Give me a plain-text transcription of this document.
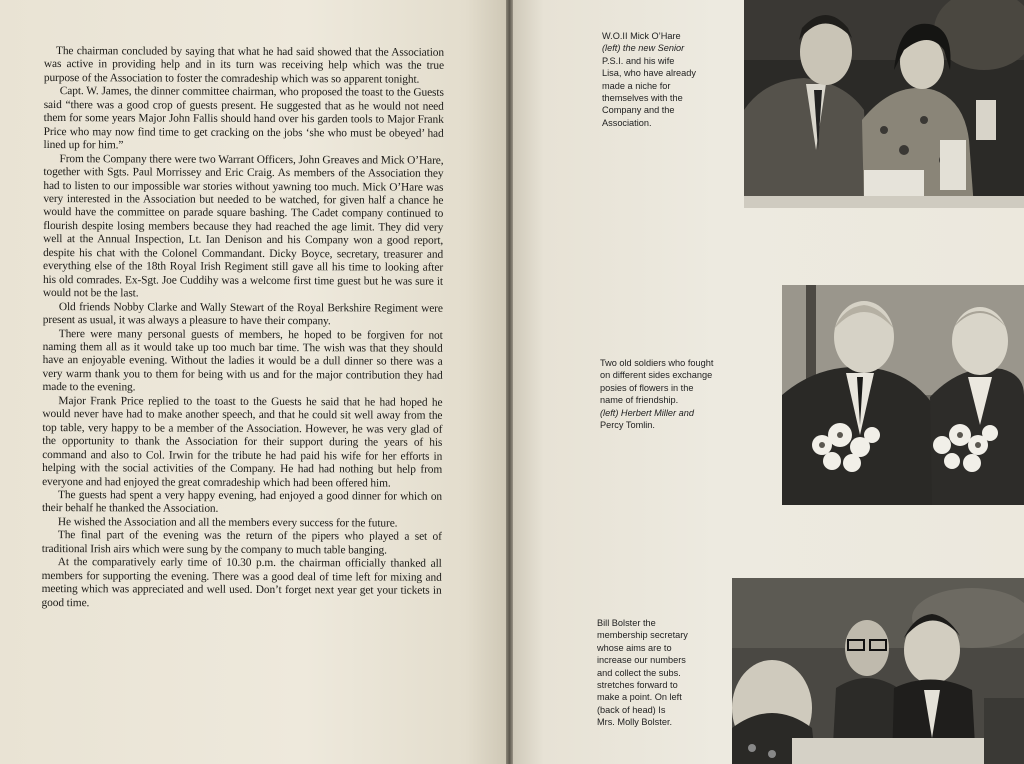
The chairman concluded by saying that what he had said showed that the Association was active in providing help and in its turn was receiving help which was the true purpose of the Association to foster the comradeship which was so apparent tonight.

Capt. W. James, the dinner committee chairman, who proposed the toast to the Guests said “there was a good crop of guests present. He suggested that as he would not need them for some years Major John Fallis should hand over his garden tools to Major Frank Price who may now find time to get cracking on the jobs ‘she who must be obeyed’ had lined up for him.”

From the Company there were two Warrant Officers, John Greaves and Mick O’Hare, together with Sgts. Paul Morrissey and Eric Craig. As members of the Association they had to listen to our impossible war stories without yawning too much. Mick O’Hare was very interested in the Association but needed to be watched, for given half a chance he would have the committee on parade square bashing. The Cadet company continued to flourish despite losing members because they had reached the age limit. They did very well at the Annual Inspection, Lt. Ian Denison and his Company won a good report, despite his chat with the Colonel Commandant. Dicky Boyce, secretary, treasurer and everything else of the 18th Royal Irish Regiment still gave all his time to looking after his old comrades. Ex-Sgt. Joe Cuddihy was a welcome first time guest but he was sure it would not be the last.

Old friends Nobby Clarke and Wally Stewart of the Royal Berkshire Regiment were present as usual, it was always a pleasure to have their company.

There were many personal guests of members, he hoped to be forgiven for not naming them all as it would take up too much bar time. The wish was that they should have an enjoyable evening. Without the ladies it would be a dull dinner so there was a very warm thank you to them for being with us and for the major contribution they had made to the evening.

Major Frank Price replied to the toast to the Guests he said that he had hoped he would never have had to make another speech, and that he could sit well away from the top table, very happy to be a member of the Association. However, he was very glad of the opportunity to thank the Association for their support during the years of his command and also to Col. Irwin for the tribute he had paid his wife for her efforts in helping with the social activities of the Company. He had had nothing but help from everyone and had enjoyed the great comradeship which had been offered him.

The guests had spent a very happy evening, had enjoyed a good dinner for which on their behalf he thanked the Association.

He wished the Association and all the members every success for the future.

The final part of the evening was the return of the pipers who played a set of traditional Irish airs which were sung by the company to much table banging.

At the comparatively early time of 10.30 p.m. the chairman officially thanked all members for supporting the evening. There was a good deal of time left for mixing and meeting which was appreciated and well used. Don’t forget next year get your tickets in good time.

W.O.II Mick O’Hare
(left) the new Senior
P.S.I. and his wife
Lisa, who have already
made a niche for
themselves with the
Company and the
Association.
Two old soldiers who fought
on different sides exchange
posies of flowers in the
name of friendship.
(left) Herbert Miller and
Percy Tomlin.
Bill Bolster the
membership secretary
whose aims are to
increase our numbers
and collect the subs.
stretches forward to
make a point. On left
(back of head) Is
Mrs. Molly Bolster.
